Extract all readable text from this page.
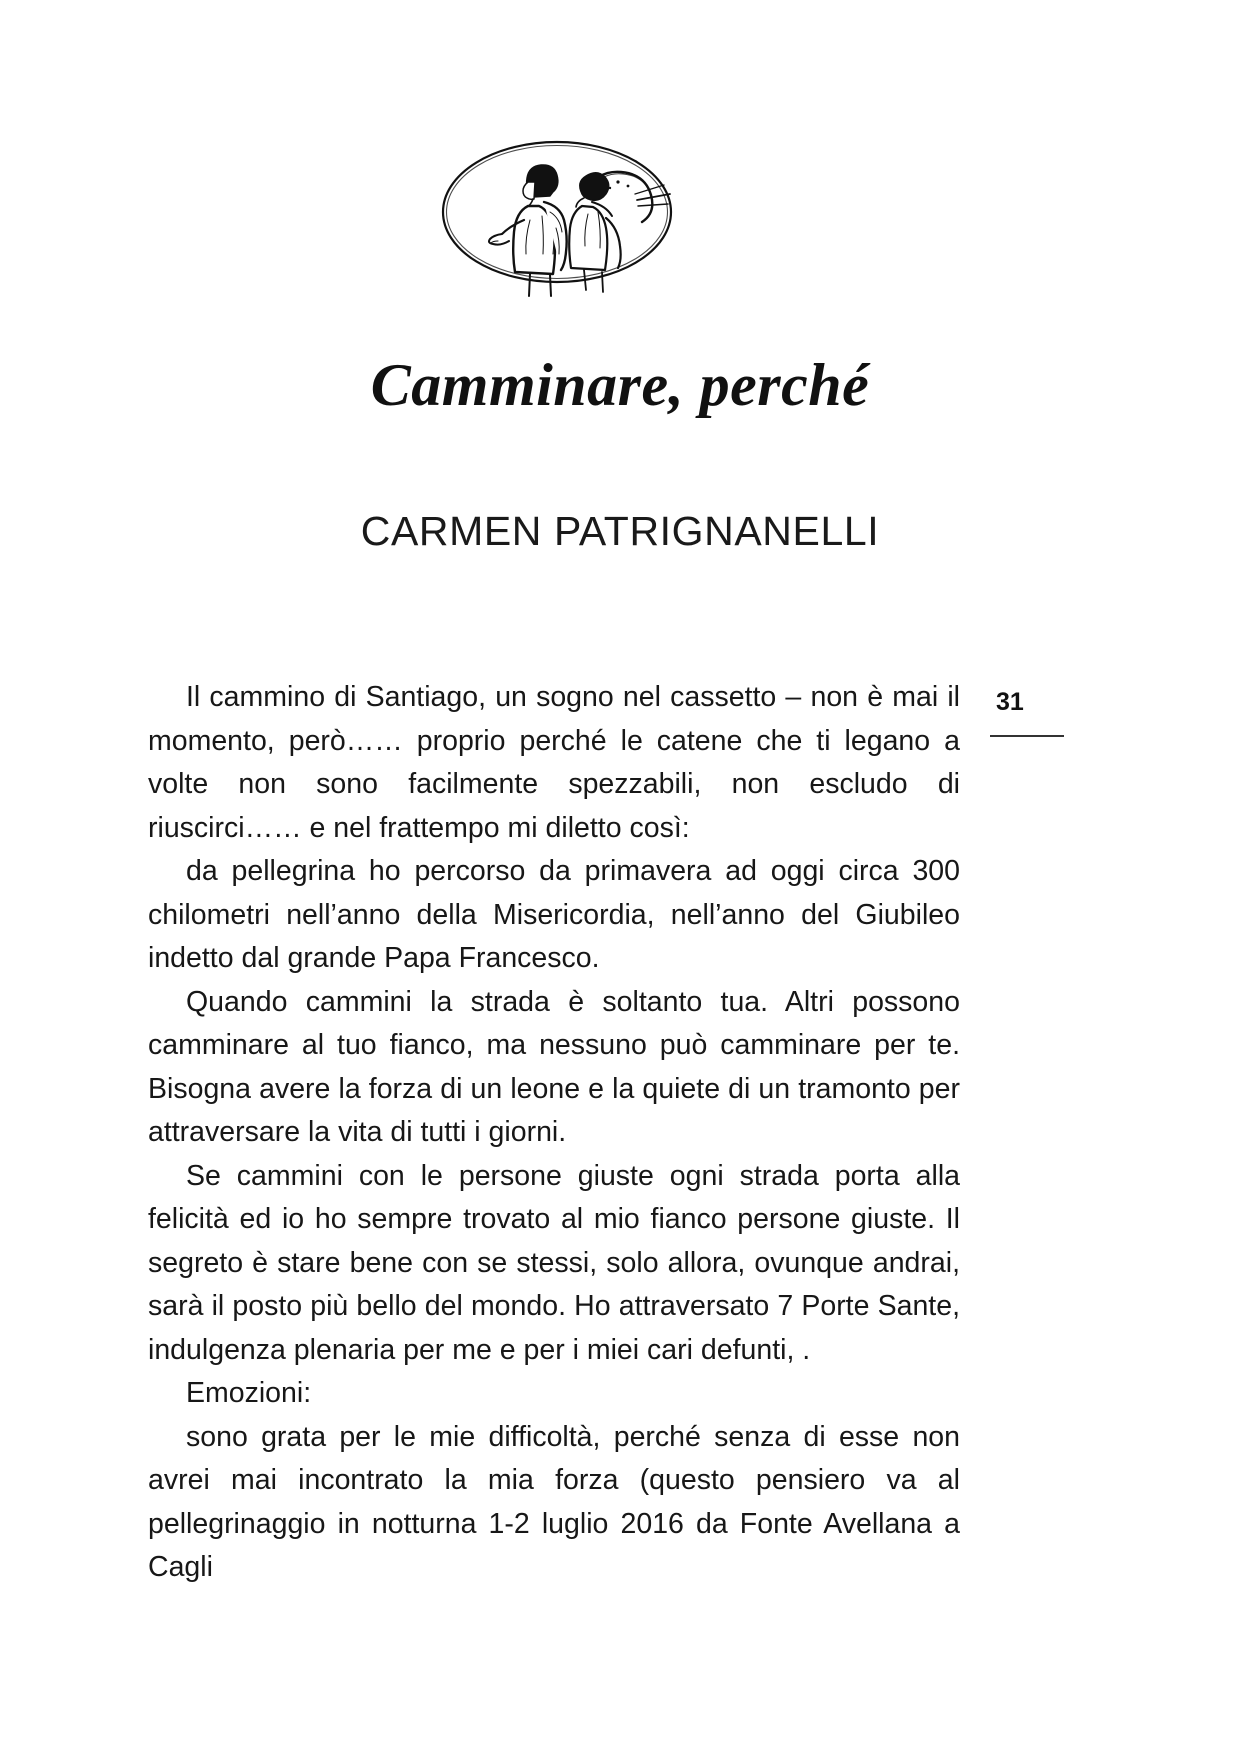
Camminare, perché
CARMEN PATRIGNANELLI
31

Il cammino di Santiago, un sogno nel cassetto – non è mai il momento, però…… proprio perché le catene che ti legano a volte non sono facilmente spezzabili, non escludo di riuscirci…… e nel frattempo mi diletto così:

da pellegrina ho percorso da primavera ad oggi circa 300 chilometri nell’anno della Misericordia, nell’anno del Giubileo indetto dal grande Papa Francesco.

Quando cammini la strada è soltanto tua. Altri possono camminare al tuo fianco, ma nessuno può camminare per te. Bisogna avere la forza di un leone e la quiete di un tramonto per attraversare la vita di tutti i giorni.

Se cammini con le persone giuste ogni strada porta alla felicità ed io ho sempre trovato al mio fianco persone giuste. Il segreto è stare bene con se stessi, solo allora, ovunque andrai, sarà il posto più bello del mondo. Ho attraversato 7 Porte Sante, indulgenza plenaria per me e per i miei cari defunti, .

Emozioni:

sono grata per le mie difficoltà, perché senza di esse non avrei mai incontrato la mia forza (questo pensiero va al pellegrinaggio in notturna 1-2 luglio 2016 da Fonte Avellana a Cagli
